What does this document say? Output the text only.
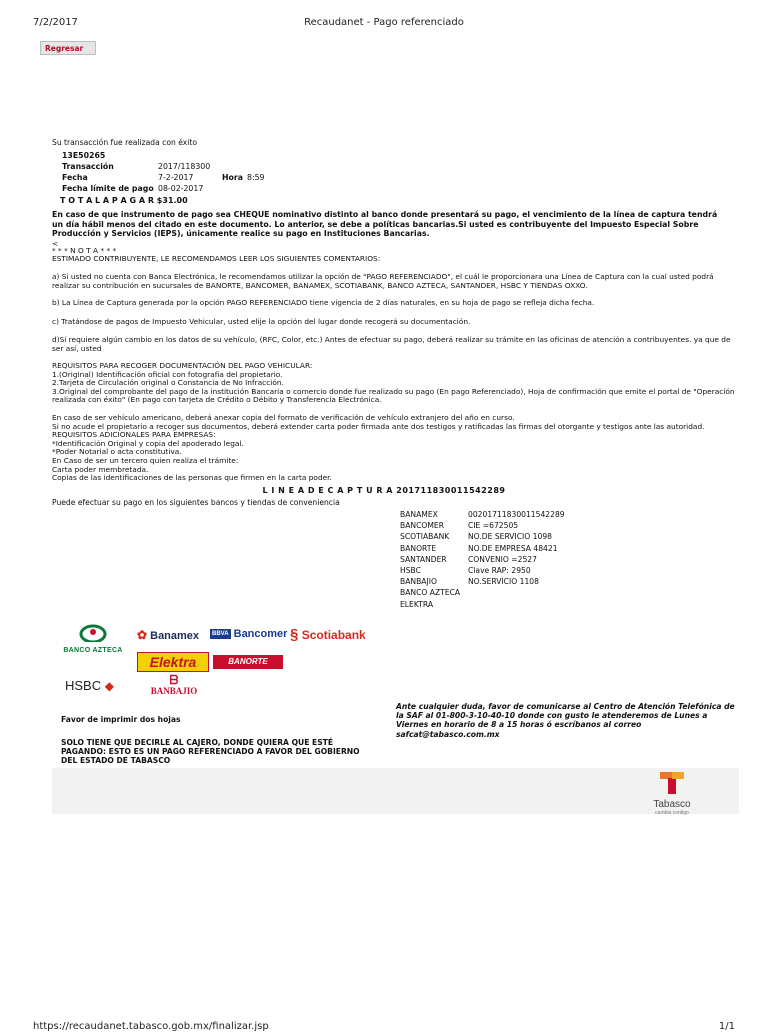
7/2/2017	Recaudanet - Pago referenciado
Regresar
Su transacción fue realizada con éxito
13E50265			
Transacción	2017/118300		
Fecha	7-2-2017	Hora	8:59
Fecha límite de pago	08-02-2017		
T O T A L A P A G A R $31.00
En caso de que instrumento de pago sea CHEQUE nominativo distinto al banco donde presentará su pago, el vencimiento de la línea de captura tendrá un día hábil menos del citado en este documento. Lo anterior, se debe a políticas bancarias.Si usted es contribuyente del Impuesto Especial Sobre Producción y Servicios (IEPS), únicamente realice su pago en Instituciones Bancarias.
<
* * * N O T A * * *
ESTIMADO CONTRIBUYENTE, LE RECOMENDAMOS LEER LOS SIGUIENTES COMENTARIOS:
a) Si usted no cuenta con Banca Electrónica, le recomendamos utilizar la opción de "PAGO REFERENCIADO", el cuál le proporcionara una Línea de Captura con la cual usted podrá realizar su contribución en sucursales de BANORTE, BANCOMER, BANAMEX, SCOTIABANK, BANCO AZTECA, SANTANDER, HSBC Y TIENDAS OXXO.
b) La Línea de Captura generada por la opción PAGO REFERENCIADO tiene vigencia de 2 días naturales, en su hoja de pago se refleja dicha fecha.
c) Tratándose de pagos de Impuesto Vehicular, usted elije la opción del lugar donde recogerá su documentación.
d)Si requiere algún cambio en los datos de su vehículo, (RFC, Color, etc.) Antes de efectuar su pago, deberá realizar su trámite en las oficinas de atención a contribuyentes. ya que de ser así, usted
REQUISITOS PARA RECOGER DOCUMENTACIÓN DEL PAGO VEHICULAR:
1.(Original) Identificación oficial con fotografía del propietario.
2.Tarjeta de Circulación original o Constancia de No Infracción.
3.Original del comprobante del pago de la institución Bancaria o comercio donde fue realizado su pago (En pago Referenciado), Hoja de confirmación que emite el portal de "Operación realizada con éxito" (En pago con tarjeta de Crédito o Débito y Transferencia Electrónica.
En caso de ser vehículo americano, deberá anexar copia del formato de verificación de vehículo extranjero del año en curso.
Si no acude el propietario a recoger sus documentos, deberá extender carta poder firmada ante dos testigos y ratificadas las firmas del otorgante y testigos ante las autoridad.
REQUISITOS ADICIONALES PARA EMPRESAS:
*Identificación Original y copia del apoderado legal.
*Poder Notarial o acta constitutiva.
En Caso de ser un tercero quien realiza el trámite:
Carta poder membretada.
Copias de las identificaciones de las personas que firmen en la carta poder.
L I N E A D E C A P T U R A 201711830011542289
Puede efectuar su pago en los siguientes bancos y tiendas de conveniencia
BANAMEX	00201711830011542289
BANCOMER	CIE =672505
SCOTIABANK	NO.DE SERVICIO 1098
BANORTE	NO.DE EMPRESA 48421
SANTANDER	CONVENIO =2527
HSBC	Clave RAP: 2950
BANBAJIO	NO.SERVICIO 1108
BANCO AZTECA	
ELEKTRA	
BANCO AZTECA
✿ Banamex	BBVA Bancomer § Scotiabank
Elektra	BANORTE
HSBC ◆	ᗷ
BANBAJIO
Favor de imprimir dos hojas
SOLO TIENE QUE DECIRLE AL CAJERO, DONDE QUIERA QUE ESTÉ PAGANDO: ESTO ES UN PAGO REFERENCIADO A FAVOR DEL GOBIERNO DEL ESTADO DE TABASCO
Ante cualquier duda, favor de comunicarse al Centro de Atención Telefónica de la SAF al 01-800-3-10-40-10 donde con gusto le atenderemos de Lunes a Viernes en horario de 8 a 15 horas ó escríbanos al correo safcat@tabasco.com.mx
Tabasco
cambia contigo
https://recaudanet.tabasco.gob.mx/finalizar.jsp	1/1
